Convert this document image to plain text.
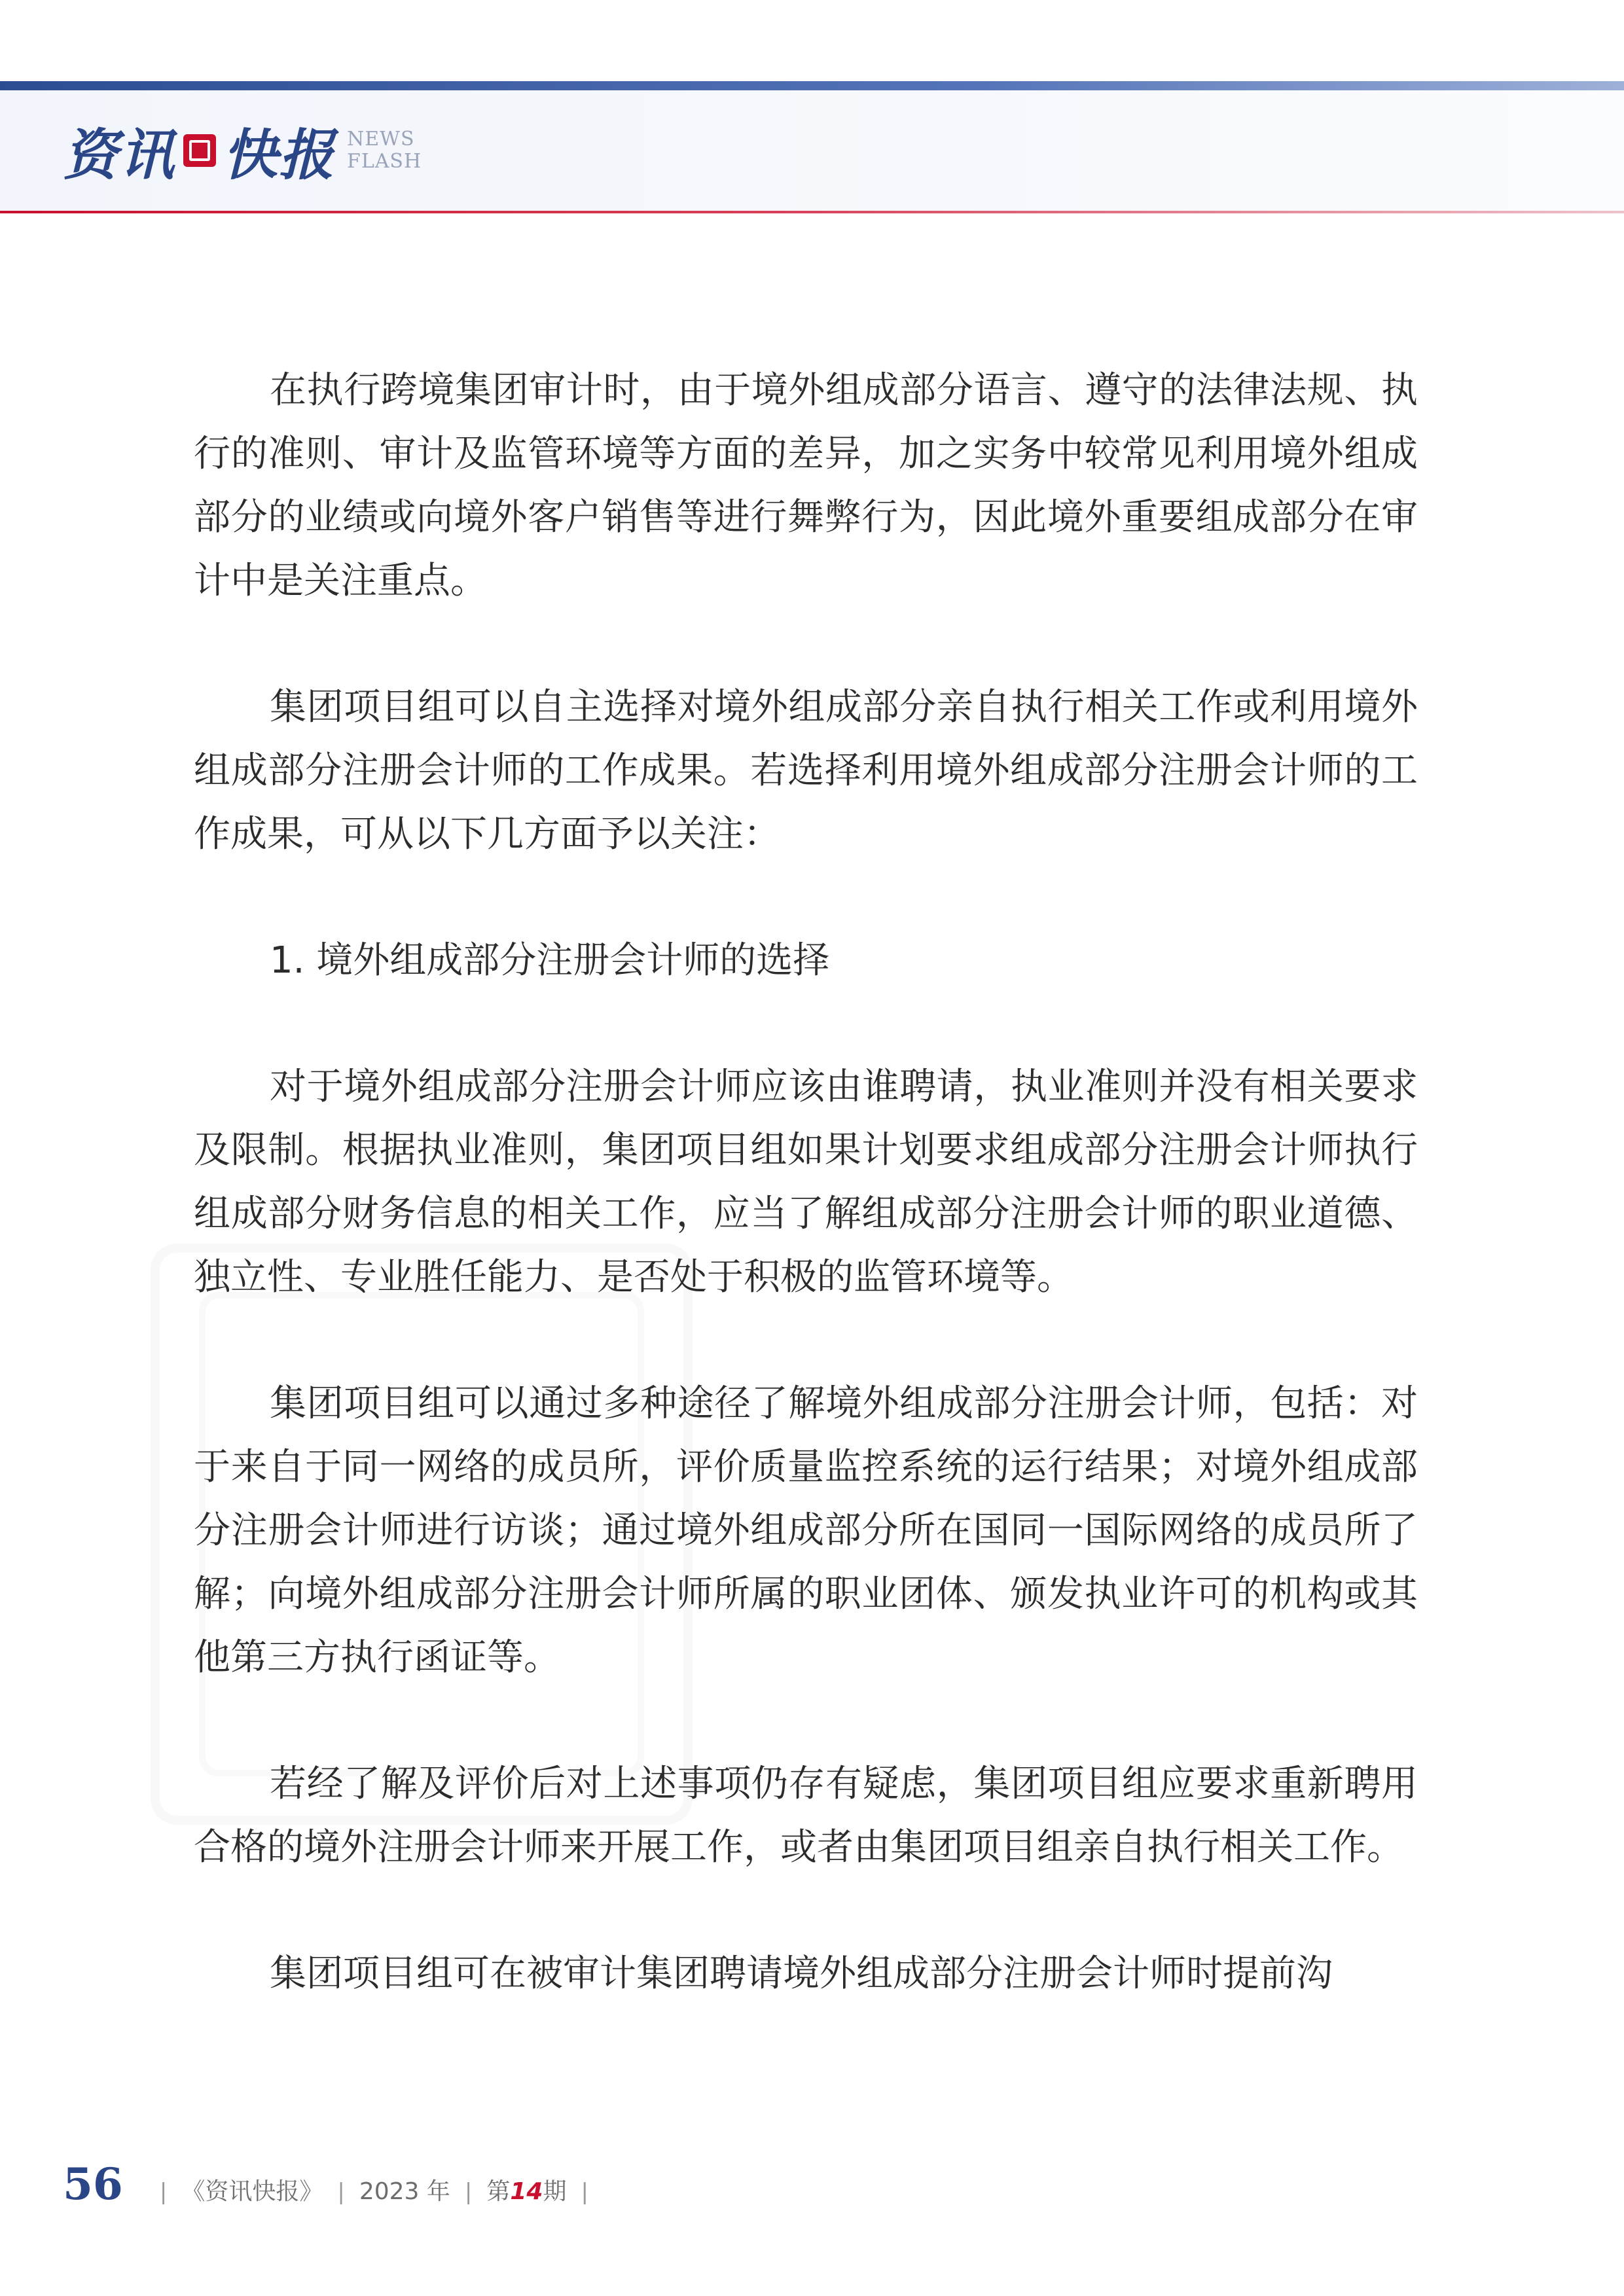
资讯 快报 NEWS
FLASH

在执行跨境集团审计时，由于境外组成部分语言、遵守的法律法规、执行的准则、审计及监管环境等方面的差异，加之实务中较常见利用境外组成部分的业绩或向境外客户销售等进行舞弊行为，因此境外重要组成部分在审计中是关注重点。

集团项目组可以自主选择对境外组成部分亲自执行相关工作或利用境外组成部分注册会计师的工作成果。若选择利用境外组成部分注册会计师的工作成果，可从以下几方面予以关注：

1. 境外组成部分注册会计师的选择

对于境外组成部分注册会计师应该由谁聘请，执业准则并没有相关要求及限制。根据执业准则，集团项目组如果计划要求组成部分注册会计师执行组成部分财务信息的相关工作，应当了解组成部分注册会计师的职业道德、独立性、专业胜任能力、是否处于积极的监管环境等。

集团项目组可以通过多种途径了解境外组成部分注册会计师，包括：对于来自于同一网络的成员所，评价质量监控系统的运行结果；对境外组成部分注册会计师进行访谈；通过境外组成部分所在国同一国际网络的成员所了解；向境外组成部分注册会计师所属的职业团体、颁发执业许可的机构或其他第三方执行函证等。

若经了解及评价后对上述事项仍存有疑虑，集团项目组应要求重新聘用合格的境外注册会计师来开展工作，或者由集团项目组亲自执行相关工作。

集团项目组可在被审计集团聘请境外组成部分注册会计师时提前沟

56 | 《资讯快报》 | 2023 年 | 第 14 期 |
